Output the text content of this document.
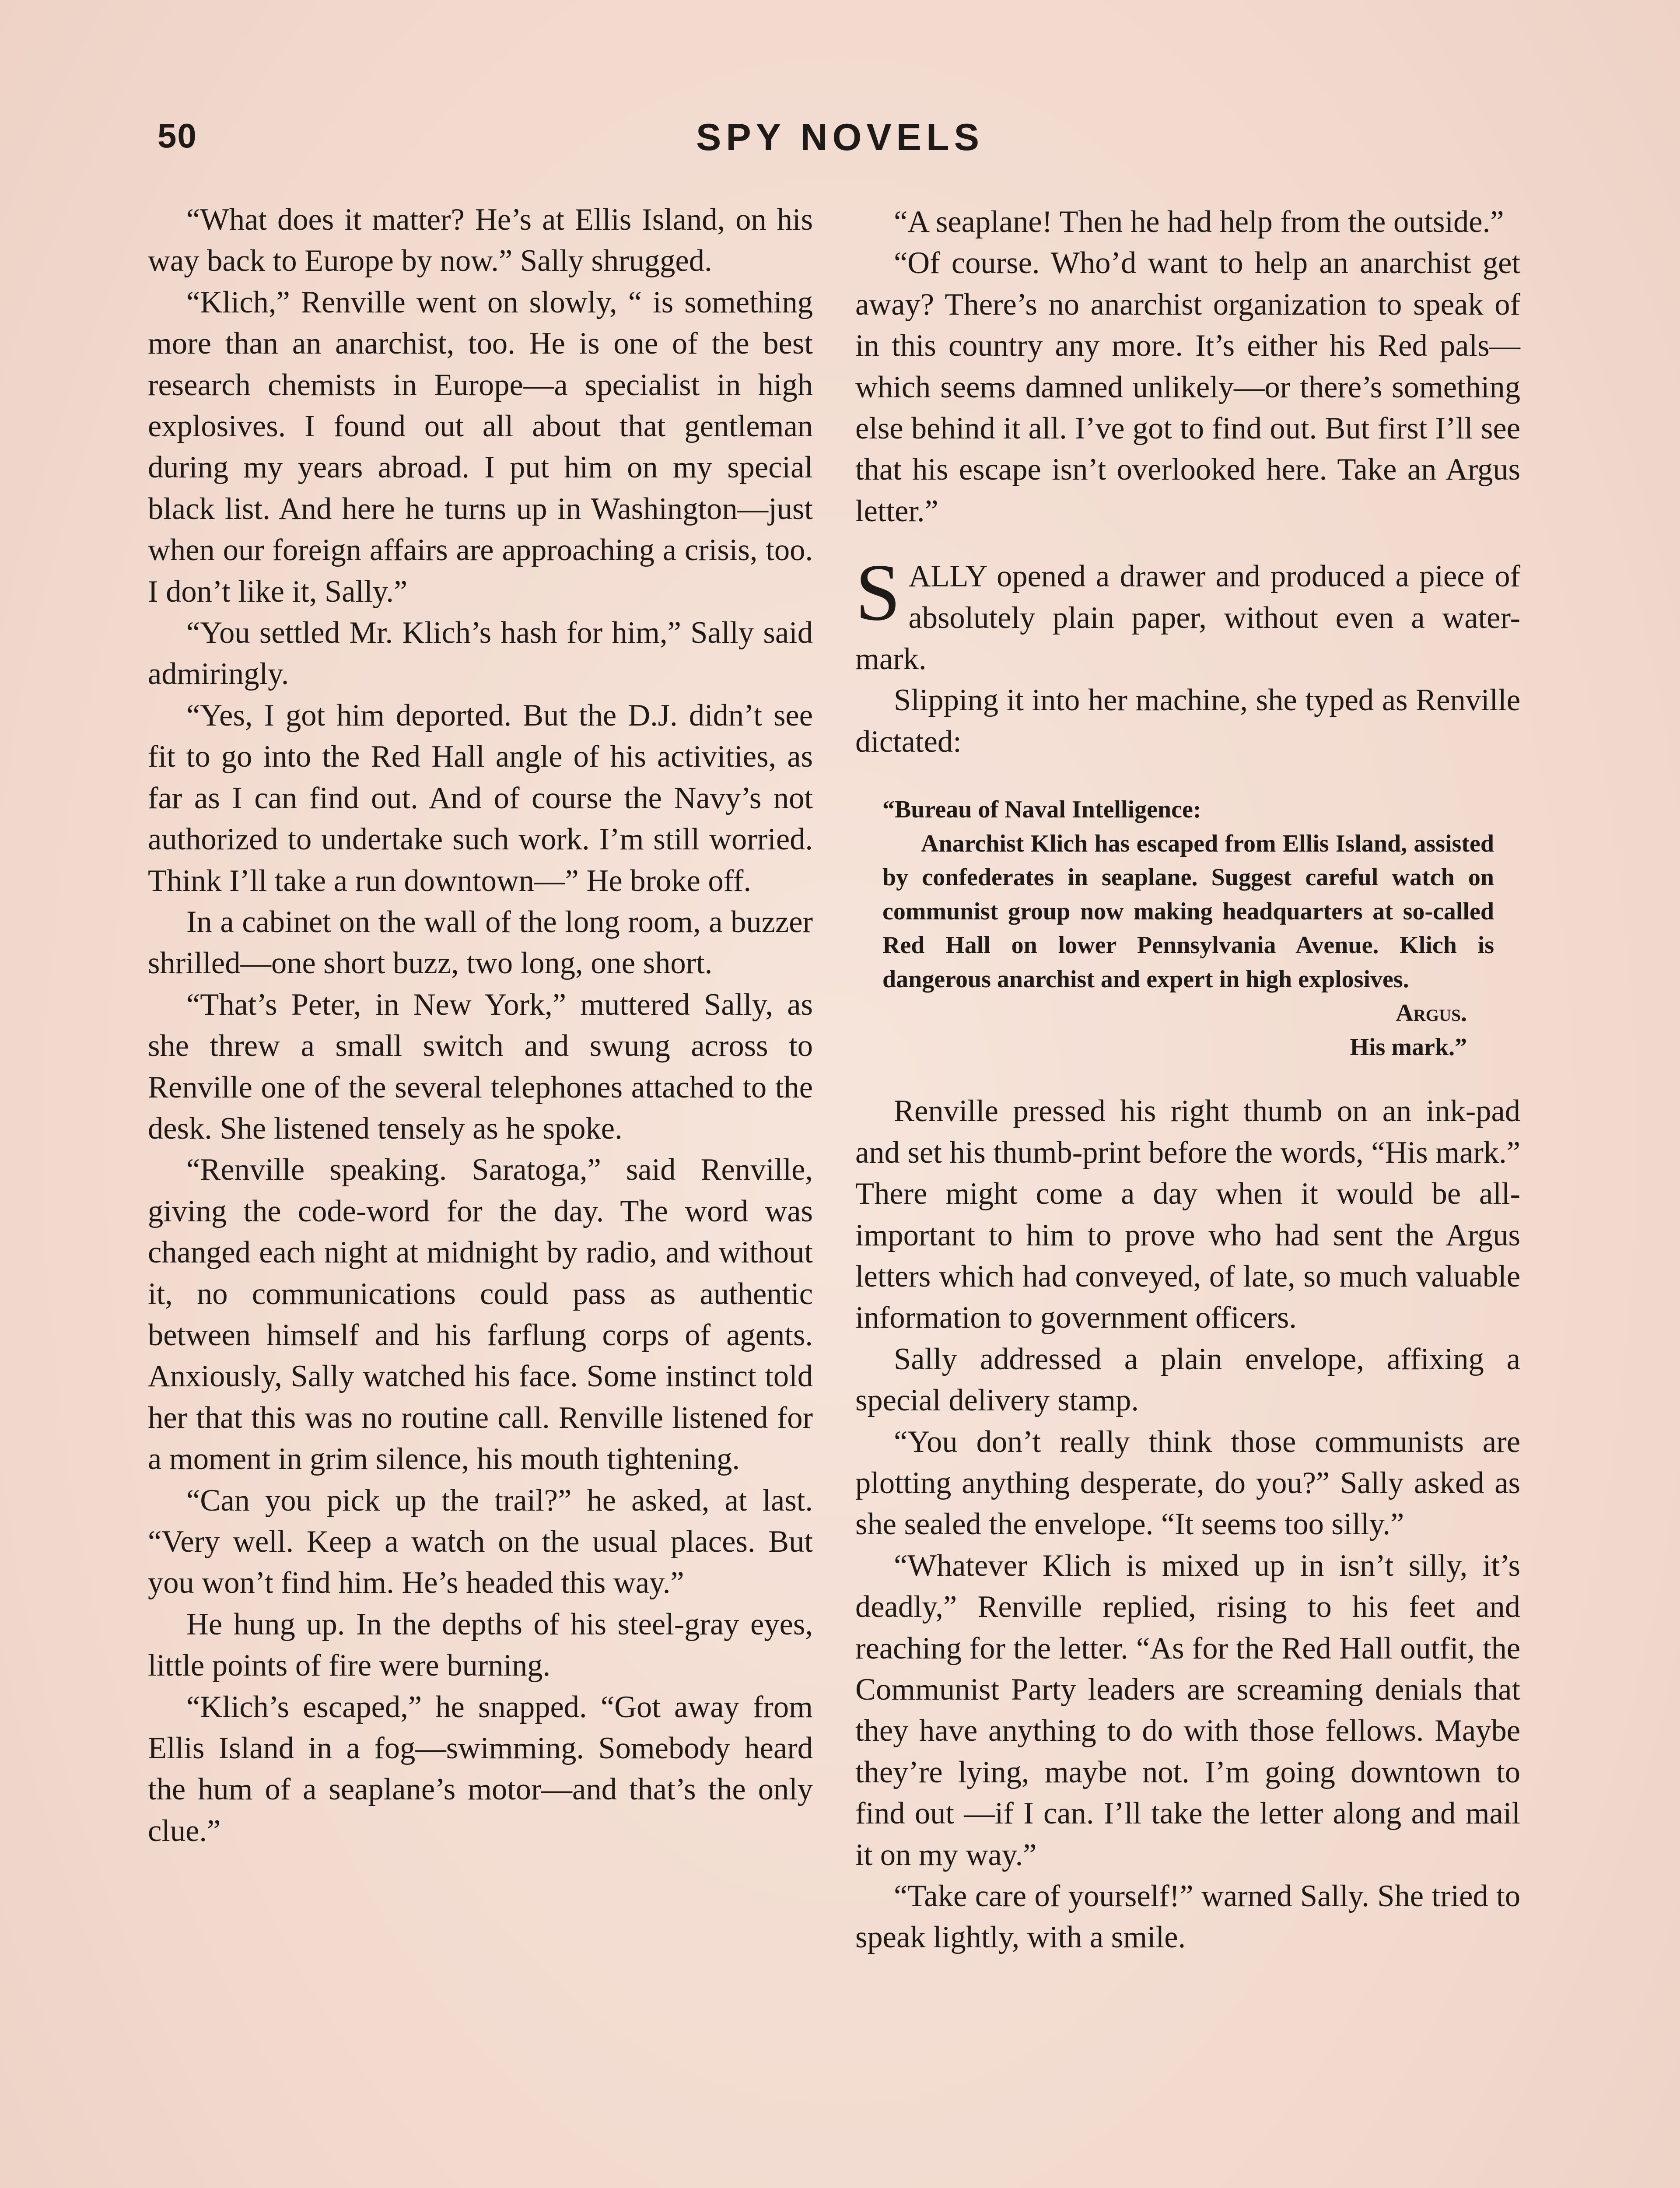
50	SPY NOVELS

“What does it matter? He’s at Ellis Island, on his way back to Europe by now.” Sally shrugged.

“Klich,” Renville went on slowly, “ is something more than an anarchist, too. He is one of the best research chemists in Europe—a specialist in high explosives. I found out all about that gentleman during my years abroad. I put him on my special black list. And here he turns up in Washington—just when our foreign affairs are approaching a crisis, too. I don’t like it, Sally.”

“You settled Mr. Klich’s hash for him,” Sally said admiringly.

“Yes, I got him deported. But the D.J. didn’t see fit to go into the Red Hall angle of his activities, as far as I can find out. And of course the Navy’s not authorized to undertake such work. I’m still worried. Think I’ll take a run downtown—” He broke off.

In a cabinet on the wall of the long room, a buzzer shrilled—one short buzz, two long, one short.

“That’s Peter, in New York,” muttered Sally, as she threw a small switch and swung across to Renville one of the several telephones attached to the desk. She listened tensely as he spoke.

“Renville speaking. Saratoga,” said Renville, giving the code-word for the day. The word was changed each night at midnight by radio, and without it, no communications could pass as authentic between himself and his farflung corps of agents. Anxiously, Sally watched his face. Some instinct told her that this was no routine call. Renville listened for a moment in grim silence, his mouth tightening.

“Can you pick up the trail?” he asked, at last. “Very well. Keep a watch on the usual places. But you won’t find him. He’s headed this way.”

He hung up. In the depths of his steel-gray eyes, little points of fire were burning.

“Klich’s escaped,” he snapped. “Got away from Ellis Island in a fog—swimming. Somebody heard the hum of a seaplane’s motor—and that’s the only clue.”

“A seaplane! Then he had help from the outside.”

“Of course. Who’d want to help an anarchist get away? There’s no anarchist organization to speak of in this country any more. It’s either his Red pals—which seems damned unlikely—or there’s something else behind it all. I’ve got to find out. But first I’ll see that his escape isn’t overlooked here. Take an Argus letter.”

SALLY opened a drawer and produced a piece of absolutely plain paper, without even a water-mark.

Slipping it into her machine, she typed as Renville dictated:

“Bureau of Naval Intelligence:

Anarchist Klich has escaped from Ellis Island, assisted by confederates in seaplane. Suggest careful watch on communist group now making headquarters at so-called Red Hall on lower Pennsylvania Avenue. Klich is dangerous anarchist and expert in high explosives.

Argus.
His mark.”

Renville pressed his right thumb on an ink-pad and set his thumb-print before the words, “His mark.” There might come a day when it would be all-important to him to prove who had sent the Argus letters which had conveyed, of late, so much valuable information to government officers.

Sally addressed a plain envelope, affixing a special delivery stamp.

“You don’t really think those communists are plotting anything desperate, do you?” Sally asked as she sealed the envelope. “It seems too silly.”

“Whatever Klich is mixed up in isn’t silly, it’s deadly,” Renville replied, rising to his feet and reaching for the letter. “As for the Red Hall outfit, the Communist Party leaders are screaming denials that they have anything to do with those fellows. Maybe they’re lying, maybe not. I’m going downtown to find out —if I can. I’ll take the letter along and mail it on my way.”

“Take care of yourself!” warned Sally. She tried to speak lightly, with a smile.
